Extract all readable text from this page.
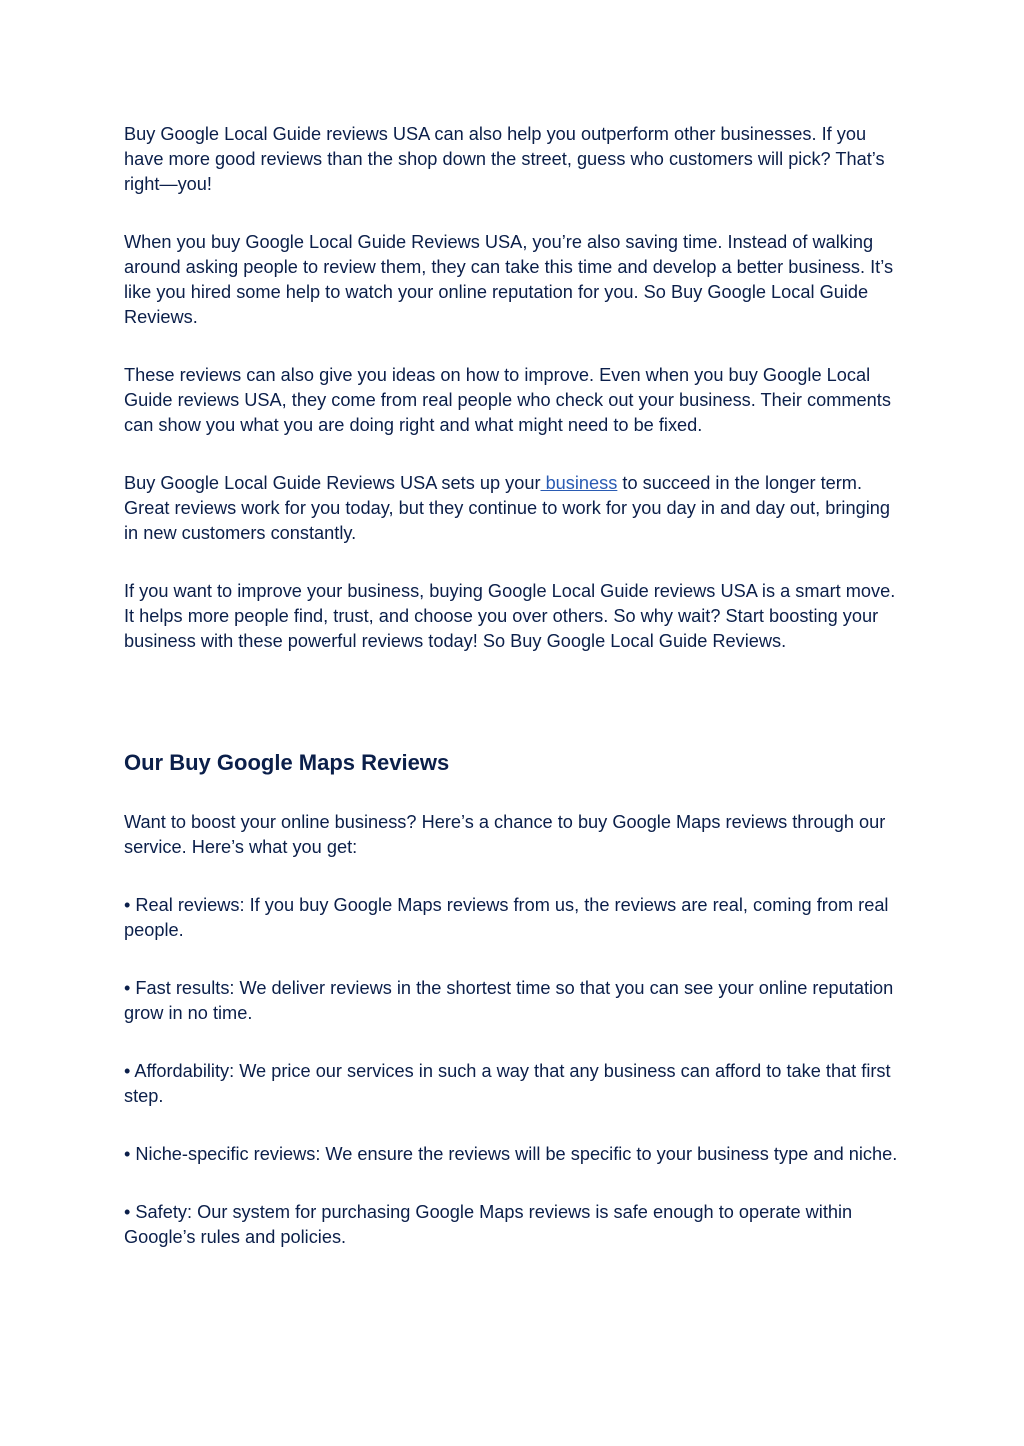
Buy Google Local Guide reviews USA can also help you outperform other businesses. If you have more good reviews than the shop down the street, guess who customers will pick? That’s right—you!

When you buy Google Local Guide Reviews USA, you’re also saving time. Instead of walking around asking people to review them, they can take this time and develop a better business. It’s like you hired some help to watch your online reputation for you. So Buy Google Local Guide Reviews.

These reviews can also give you ideas on how to improve. Even when you buy Google Local Guide reviews USA, they come from real people who check out your business. Their comments can show you what you are doing right and what might need to be fixed.

Buy Google Local Guide Reviews USA sets up your business to succeed in the longer term. Great reviews work for you today, but they continue to work for you day in and day out, bringing in new customers constantly.

If you want to improve your business, buying Google Local Guide reviews USA is a smart move. It helps more people find, trust, and choose you over others. So why wait? Start boosting your business with these powerful reviews today! So Buy Google Local Guide Reviews.

Our Buy Google Maps Reviews

Want to boost your online business? Here’s a chance to buy Google Maps reviews through our service. Here’s what you get:

• Real reviews: If you buy Google Maps reviews from us, the reviews are real, coming from real people.

• Fast results: We deliver reviews in the shortest time so that you can see your online reputation grow in no time.

• Affordability: We price our services in such a way that any business can afford to take that first step.

• Niche-specific reviews: We ensure the reviews will be specific to your business type and niche.

• Safety: Our system for purchasing Google Maps reviews is safe enough to operate within Google’s rules and policies.
